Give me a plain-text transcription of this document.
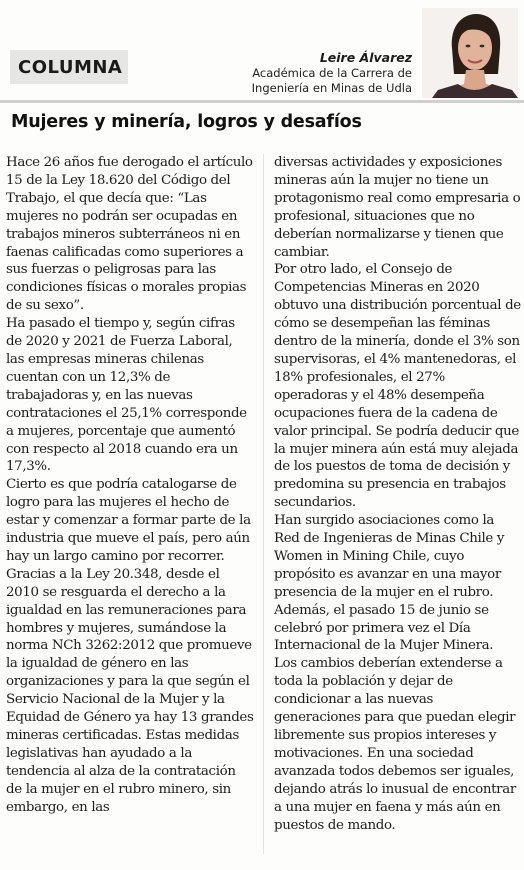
COLUMNA	Leire Álvarez
Académica de la Carrera de
Ingeniería en Minas de Udla
Mujeres y minería, logros y desafíos

Hace 26 años fue derogado el artículo 15 de la Ley 18.620 del Código del Trabajo, el que decía que: “Las mujeres no podrán ser ocupadas en trabajos mineros subterráneos ni en faenas calificadas como superiores a sus fuerzas o peligrosas para las condiciones físicas o morales propias de su sexo”.

Ha pasado el tiempo y, según cifras de 2020 y 2021 de Fuerza Laboral, las empresas mineras chilenas cuentan con un 12,3% de trabajadoras y, en las nuevas contrataciones el 25,1% corresponde a mujeres, porcentaje que aumentó con respecto al 2018 cuando era un 17,3%.

Cierto es que podría catalogarse de logro para las mujeres el hecho de estar y comenzar a formar parte de la industria que mueve el país, pero aún hay un largo camino por recorrer.

Gracias a la Ley 20.348, desde el 2010 se resguarda el derecho a la igualdad en las remuneraciones para hombres y mujeres, sumándose la norma NCh 3262:2012 que promueve la igualdad de género en las organizaciones y para la que según el Servicio Nacional de la Mujer y la Equidad de Género ya hay 13 grandes mineras certificadas. Estas medidas legislativas han ayudado a la tendencia al alza de la contratación de la mujer en el rubro minero, sin embargo, en las

diversas actividades y exposiciones mineras aún la mujer no tiene un protagonismo real como empresaria o profesional, situaciones que no deberían normalizarse y tienen que cambiar.

Por otro lado, el Consejo de Competencias Mineras en 2020 obtuvo una distribución porcentual de cómo se desempeñan las féminas dentro de la minería, donde el 3% son supervisoras, el 4% mantenedoras, el 18% profesionales, el 27% operadoras y el 48% desempeña ocupaciones fuera de la cadena de valor principal. Se podría deducir que la mujer minera aún está muy alejada de los puestos de toma de decisión y predomina su presencia en trabajos secundarios.

Han surgido asociaciones como la Red de Ingenieras de Minas Chile y Women in Mining Chile, cuyo propósito es avanzar en una mayor presencia de la mujer en el rubro. Además, el pasado 15 de junio se celebró por primera vez el Día Internacional de la Mujer Minera.

Los cambios deberían extenderse a toda la población y dejar de condicionar a las nuevas generaciones para que puedan elegir libremente sus propios intereses y motivaciones. En una sociedad avanzada todos debemos ser iguales, dejando atrás lo inusual de encontrar a una mujer en faena y más aún en puestos de mando.
